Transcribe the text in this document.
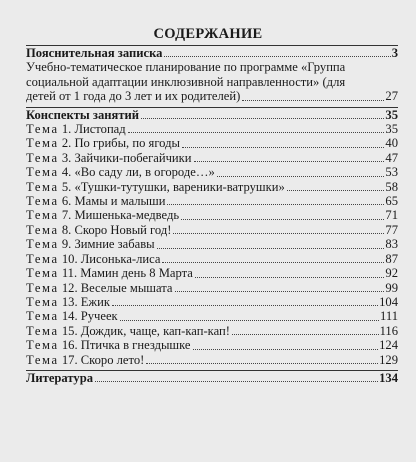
СОДЕРЖАНИЕ
Пояснительная записка	3
Учебно-тематическое планирование по программе «Группа
социальной адаптации инклюзивной направленности» (для
детей от 1 года до 3 лет и их родителей)	27
Конспекты занятий	35
Тема 1. Листопад	35
Тема 2. По грибы, по ягоды	40
Тема 3. Зайчики-побегайчики	47
Тема 4. «Во саду ли, в огороде…»	53
Тема 5. «Тушки-тутушки, вареники-ватрушки»	58
Тема 6. Мамы и малыши	65
Тема 7. Мишенька-медведь	71
Тема 8. Скоро Новый год!	77
Тема 9. Зимние забавы	83
Тема 10. Лисонька-лиса	87
Тема 11. Мамин день 8 Марта	92
Тема 12. Веселые мышата	99
Тема 13. Ежик	104
Тема 14. Ручеек	111
Тема 15. Дождик, чаще, кап-кап-кап!	116
Тема 16. Птичка в гнездышке	124
Тема 17. Скоро лето!	129
Литература	134
